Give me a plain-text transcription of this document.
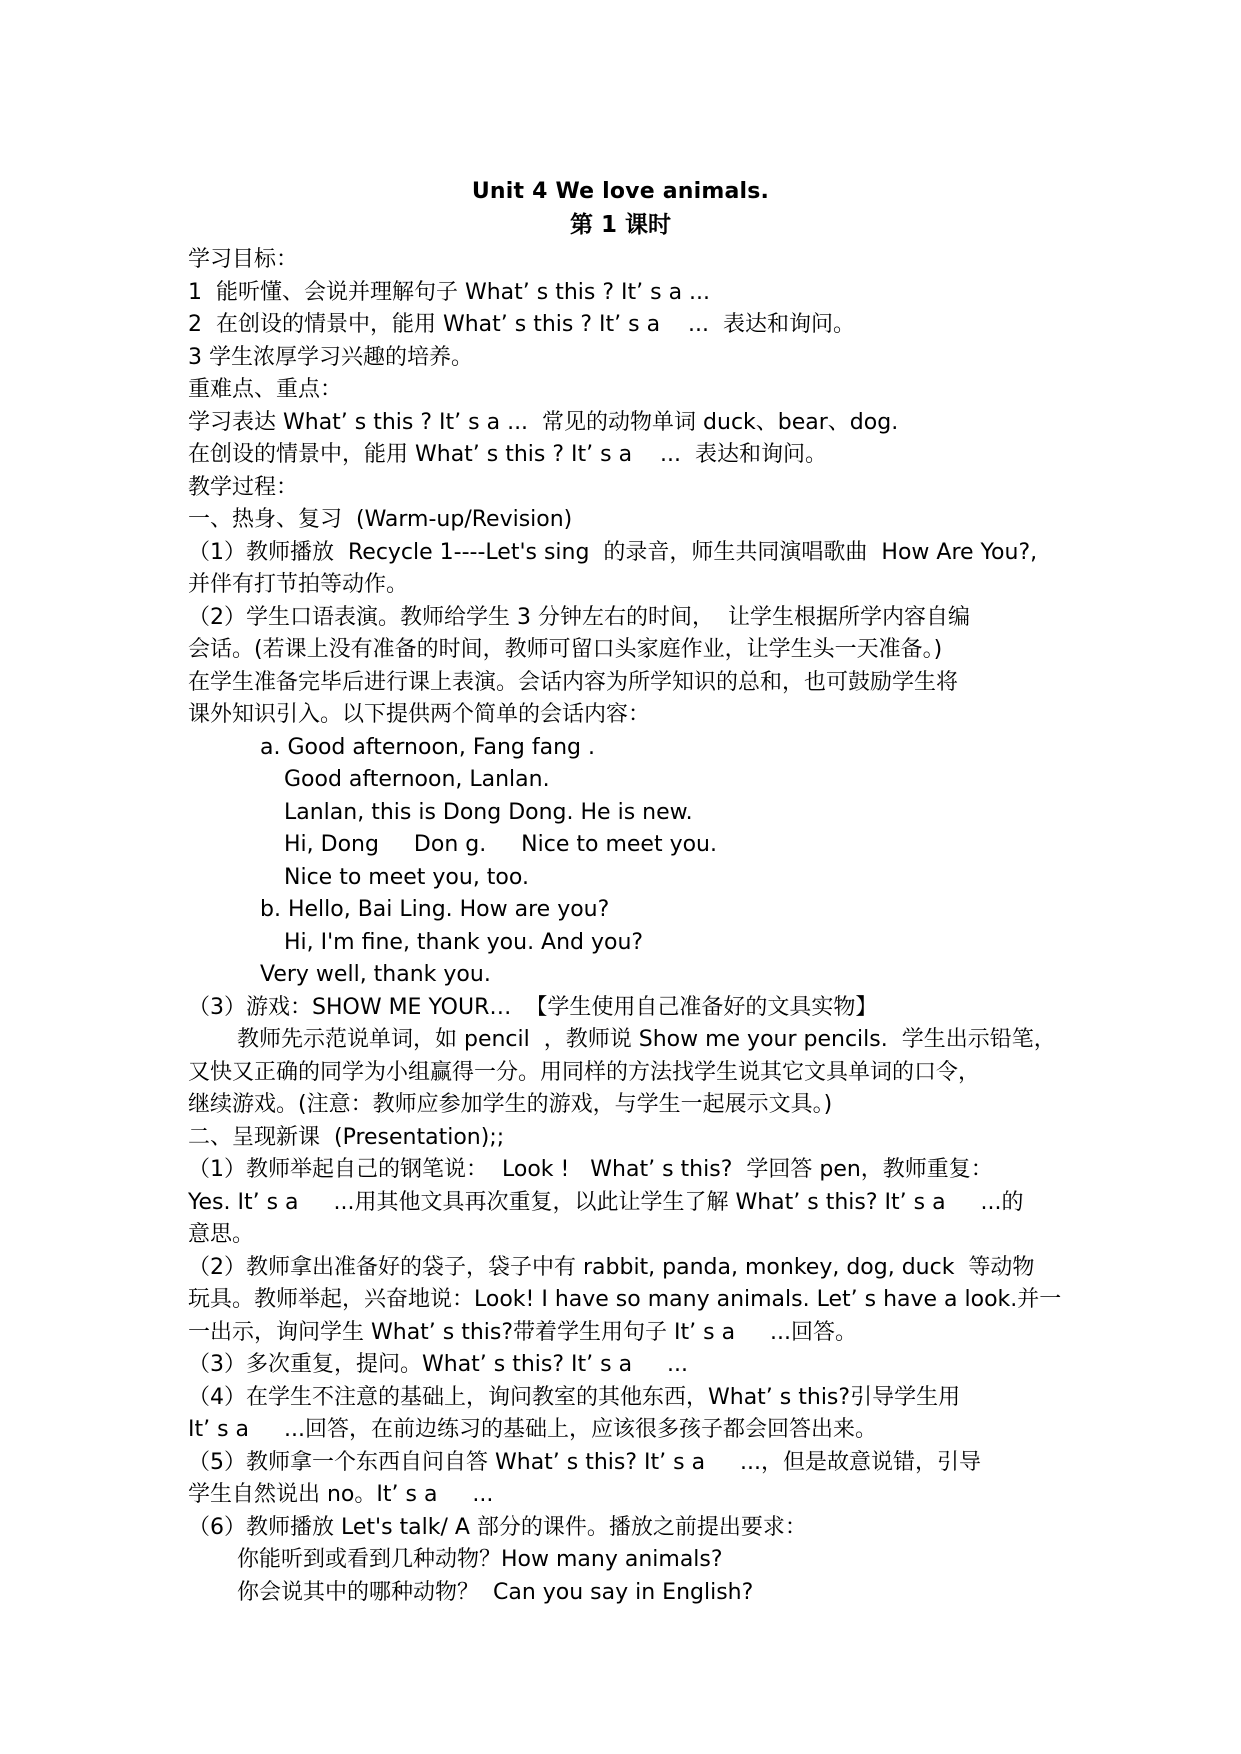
Unit 4 We love animals.
第 1 课时

学习目标：

1  能听懂、会说并理解句子 What’ s this ? It’ s a ...

2  在创设的情景中，能用 What’ s this ? It’ s a    ...  表达和询问。

3 学生浓厚学习兴趣的培养。

重难点、重点：

学习表达 What’ s this ? It’ s a ...  常见的动物单词 duck、bear、dog.

在创设的情景中，能用 What’ s this ? It’ s a    ...  表达和询问。

教学过程：

一、热身、复习  (Warm-up/Revision)

（1）教师播放  Recycle 1----Let's sing  的录音，师生共同演唱歌曲  How Are You?,

并伴有打节拍等动作。

（2）学生口语表演。教师给学生 3 分钟左右的时间，  让学生根据所学内容自编

会话。(若课上没有准备的时间，教师可留口头家庭作业，让学生头一天准备。)

在学生准备完毕后进行课上表演。会话内容为所学知识的总和，也可鼓励学生将

课外知识引入。以下提供两个简单的会话内容：

a. Good afternoon, Fang fang .

Good afternoon, Lanlan.

Lanlan, this is Dong Dong. He is new.

Hi, Dong     Don g.     Nice to meet you.

Nice to meet you, too.

b. Hello, Bai Ling. How are you?

Hi, I'm fine, thank you. And you?

Very well, thank you.

（3）游戏：SHOW ME YOUR…  【学生使用自己准备好的文具实物】

教师先示范说单词，如 pencil  ，教师说 Show me your pencils.  学生出示铅笔，

又快又正确的同学为小组赢得一分。用同样的方法找学生说其它文具单词的口令，

继续游戏。(注意：教师应参加学生的游戏，与学生一起展示文具。)

二、呈现新课  (Presentation);;

（1）教师举起自己的钢笔说：  Look !   What’ s this?  学回答 pen，教师重复：

Yes. It’ s a     ...用其他文具再次重复，以此让学生了解 What’ s this? It’ s a     ...的

意思。

（2）教师拿出准备好的袋子，袋子中有 rabbit, panda, monkey, dog, duck  等动物

玩具。教师举起，兴奋地说：Look! I have so many animals. Let’ s have a look.并一

一出示，询问学生 What’ s this?带着学生用句子 It’ s a     ...回答。

（3）多次重复，提问。What’ s this? It’ s a     ...

（4）在学生不注意的基础上，询问教室的其他东西，What’ s this?引导学生用

It’ s a     ...回答，在前边练习的基础上，应该很多孩子都会回答出来。

（5）教师拿一个东西自问自答 What’ s this? It’ s a     ...，但是故意说错，引导

学生自然说出 no。It’ s a     ...

（6）教师播放 Let's talk/ A 部分的课件。播放之前提出要求：

你能听到或看到几种动物？How many animals?

你会说其中的哪种动物？  Can you say in English?
